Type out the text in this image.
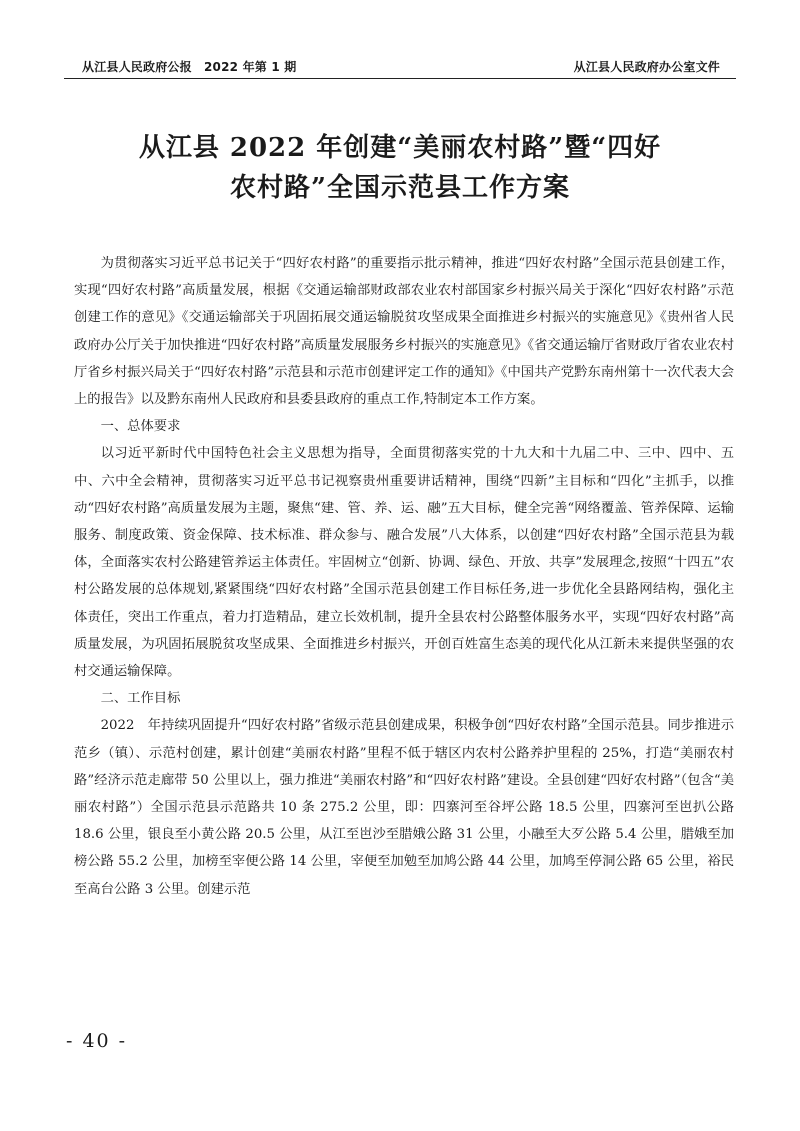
从江县人民政府公报　2022 年第 1 期	从江县人民政府办公室文件
从江县 2022 年创建“美丽农村路”暨“四好
农村路”全国示范县工作方案

为贯彻落实习近平总书记关于“四好农村路”的重要指示批示精神，推进“四好农村路”全国示范县创建工作，实现“四好农村路”高质量发展，根据《交通运输部财政部农业农村部国家乡村振兴局关于深化“四好农村路”示范创建工作的意见》《交通运输部关于巩固拓展交通运输脱贫攻坚成果全面推进乡村振兴的实施意见》《贵州省人民政府办公厅关于加快推进“四好农村路”高质量发展服务乡村振兴的实施意见》《省交通运输厅省财政厅省农业农村厅省乡村振兴局关于“四好农村路”示范县和示范市创建评定工作的通知》《中国共产党黔东南州第十一次代表大会上的报告》以及黔东南州人民政府和县委县政府的重点工作,特制定本工作方案。

一、总体要求

以习近平新时代中国特色社会主义思想为指导，全面贯彻落实党的十九大和十九届二中、三中、四中、五中、六中全会精神，贯彻落实习近平总书记视察贵州重要讲话精神，围绕“四新”主目标和“四化”主抓手，以推动“四好农村路”高质量发展为主题，聚焦“建、管、养、运、融”五大目标，健全完善“网络覆盖、管养保障、运输服务、制度政策、资金保障、技术标准、群众参与、融合发展”八大体系，以创建“四好农村路”全国示范县为载体，全面落实农村公路建管养运主体责任。牢固树立“创新、协调、绿色、开放、共享”发展理念,按照“十四五”农村公路发展的总体规划,紧紧围绕“四好农村路”全国示范县创建工作目标任务,进一步优化全县路网结构，强化主体责任，突出工作重点，着力打造精品，建立长效机制，提升全县农村公路整体服务水平，实现“四好农村路”高质量发展，为巩固拓展脱贫攻坚成果、全面推进乡村振兴，开创百姓富生态美的现代化从江新未来提供坚强的农村交通运输保障。

二、工作目标

2022　年持续巩固提升“四好农村路”省级示范县创建成果，积极争创“四好农村路”全国示范县。同步推进示范乡（镇）、示范村创建，累计创建“美丽农村路”里程不低于辖区内农村公路养护里程的 25%，打造“美丽农村路”经济示范走廊带 50 公里以上，强力推进“美丽农村路”和“四好农村路”建设。全县创建“四好农村路”（包含“美丽农村路”）全国示范县示范路共 10 条 275.2 公里，即：四寨河至谷坪公路 18.5 公里，四寨河至岜扒公路 18.6 公里，银良至小黄公路 20.5 公里，从江至岜沙至腊娥公路 31 公里，小融至大歹公路 5.4 公里，腊娥至加榜公路 55.2 公里，加榜至宰便公路 14 公里，宰便至加勉至加鸠公路 44 公里，加鸠至停洞公路 65 公里，裕民至高台公路 3 公里。创建示范

- 40 -
